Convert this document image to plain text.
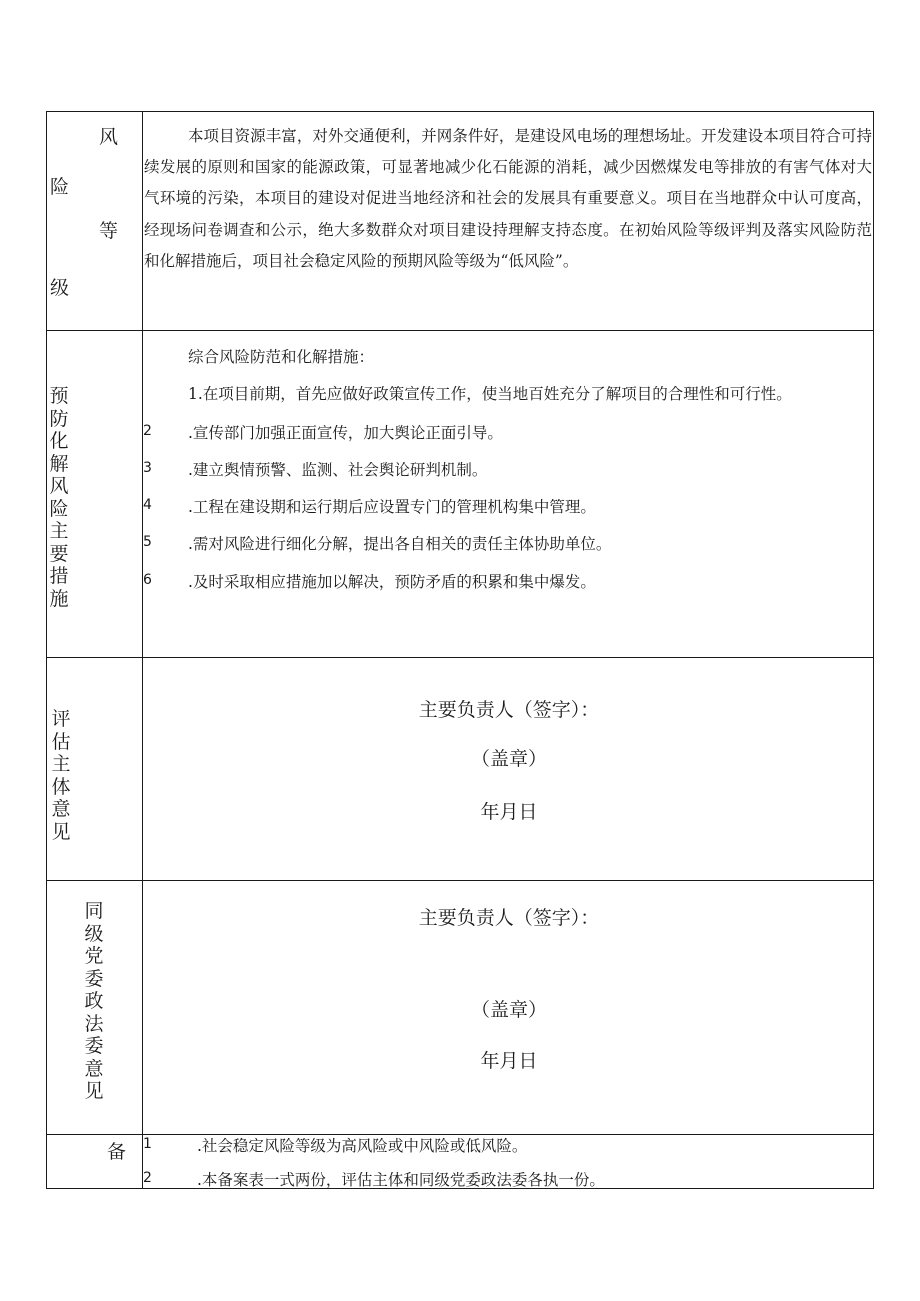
风
险
等
级
本项目资源丰富，对外交通便利，并网条件好，是建设风电场的理想场址。开发建设本项目符合可持续发展的原则和国家的能源政策，可显著地减少化石能源的消耗，减少因燃煤发电等排放的有害气体对大气环境的污染，本项目的建设对促进当地经济和社会的发展具有重要意义。项目在当地群众中认可度高，经现场问卷调查和公示，绝大多数群众对项目建设持理解支持态度。在初始风险等级评判及落实风险防范和化解措施后，项目社会稳定风险的预期风险等级为“低风险”。
预
防
化
解
风
险
主
要
措
施
综合风险防范和化解措施：
1.在项目前期，首先应做好政策宣传工作，使当地百姓充分了解项目的合理性和可行性。
2 .宣传部门加强正面宣传，加大舆论正面引导。
3 .建立舆情预警、监测、社会舆论研判机制。
4 .工程在建设期和运行期后应设置专门的管理机构集中管理。
5 .需对风险进行细化分解，提出各自相关的责任主体协助单位。
6 .及时采取相应措施加以解决，预防矛盾的积累和集中爆发。
评
估
主
体
意
见
主要负责人（签字）：
（盖章）
年月日
同
级
党
委
政
法
委
意
见
主要负责人（签字）：
（盖章）
年月日
备 1	.社会稳定风险等级为高风险或中风险或低风险。
2	.本备案表一式两份，评估主体和同级党委政法委各执一份。
